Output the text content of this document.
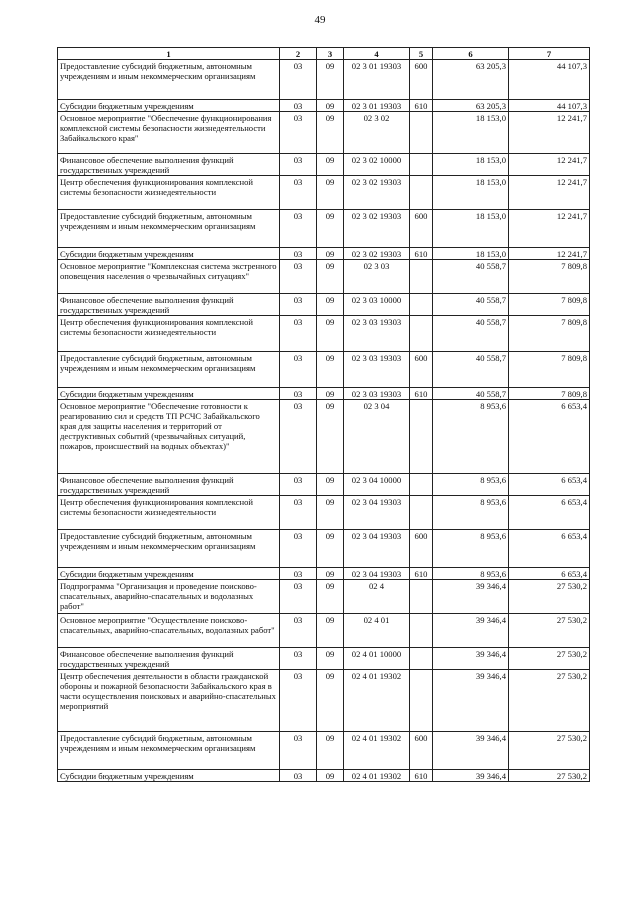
49
1	2	3	4	5	6	7
Предоставление субсидий бюджетным, автономным учреждениям и иным некоммерческим организациям	03	09	02 3 01 19303	600	63 205,3	44 107,3
Субсидии бюджетным учреждениям	03	09	02 3 01 19303	610	63 205,3	44 107,3
Основное мероприятие "Обеспечение функционирования комплексной системы безопасности жизнедеятельности Забайкальского края"	03	09	02 3 02		18 153,0	12 241,7
Финансовое обеспечение выполнения функций государственных учреждений	03	09	02 3 02 10000		18 153,0	12 241,7
Центр обеспечения функционирования комплексной системы безопасности жизнедеятельности	03	09	02 3 02 19303		18 153,0	12 241,7
Предоставление субсидий бюджетным, автономным учреждениям и иным некоммерческим организациям	03	09	02 3 02 19303	600	18 153,0	12 241,7
Субсидии бюджетным учреждениям	03	09	02 3 02 19303	610	18 153,0	12 241,7
Основное мероприятие "Комплексная система экстренного оповещения населения о чрезвычайных ситуациях"	03	09	02 3 03		40 558,7	7 809,8
Финансовое обеспечение выполнения функций государственных учреждений	03	09	02 3 03 10000		40 558,7	7 809,8
Центр обеспечения функционирования комплексной системы безопасности жизнедеятельности	03	09	02 3 03 19303		40 558,7	7 809,8
Предоставление субсидий бюджетным, автономным учреждениям и иным некоммерческим организациям	03	09	02 3 03 19303	600	40 558,7	7 809,8
Субсидии бюджетным учреждениям	03	09	02 3 03 19303	610	40 558,7	7 809,8
Основное мероприятие "Обеспечение готовности к реагированию сил и средств ТП РСЧС Забайкальского края для защиты населения и территорий от деструктивных событий (чрезвычайных ситуаций, пожаров, происшествий на водных объектах)"	03	09	02 3 04		8 953,6	6 653,4
Финансовое обеспечение выполнения функций государственных учреждений	03	09	02 3 04 10000		8 953,6	6 653,4
Центр обеспечения функционирования комплексной системы безопасности жизнедеятельности	03	09	02 3 04 19303		8 953,6	6 653,4
Предоставление субсидий бюджетным, автономным учреждениям и иным некоммерческим организациям	03	09	02 3 04 19303	600	8 953,6	6 653,4
Субсидии бюджетным учреждениям	03	09	02 3 04 19303	610	8 953,6	6 653,4
Подпрограмма "Организация и проведение поисково-спасательных, аварийно-спасательных и водолазных работ"	03	09	02 4		39 346,4	27 530,2
Основное мероприятие "Осуществление поисково-спасательных, аварийно-спасательных, водолазных работ"	03	09	02 4 01		39 346,4	27 530,2
Финансовое обеспечение выполнения функций государственных учреждений	03	09	02 4 01 10000		39 346,4	27 530,2
Центр обеспечения деятельности в области гражданской обороны и пожарной безопасности Забайкальского края в части осуществления поисковых и аварийно-спасательных мероприятий	03	09	02 4 01 19302		39 346,4	27 530,2
Предоставление субсидий бюджетным, автономным учреждениям и иным некоммерческим организациям	03	09	02 4 01 19302	600	39 346,4	27 530,2
Субсидии бюджетным учреждениям	03	09	02 4 01 19302	610	39 346,4	27 530,2
